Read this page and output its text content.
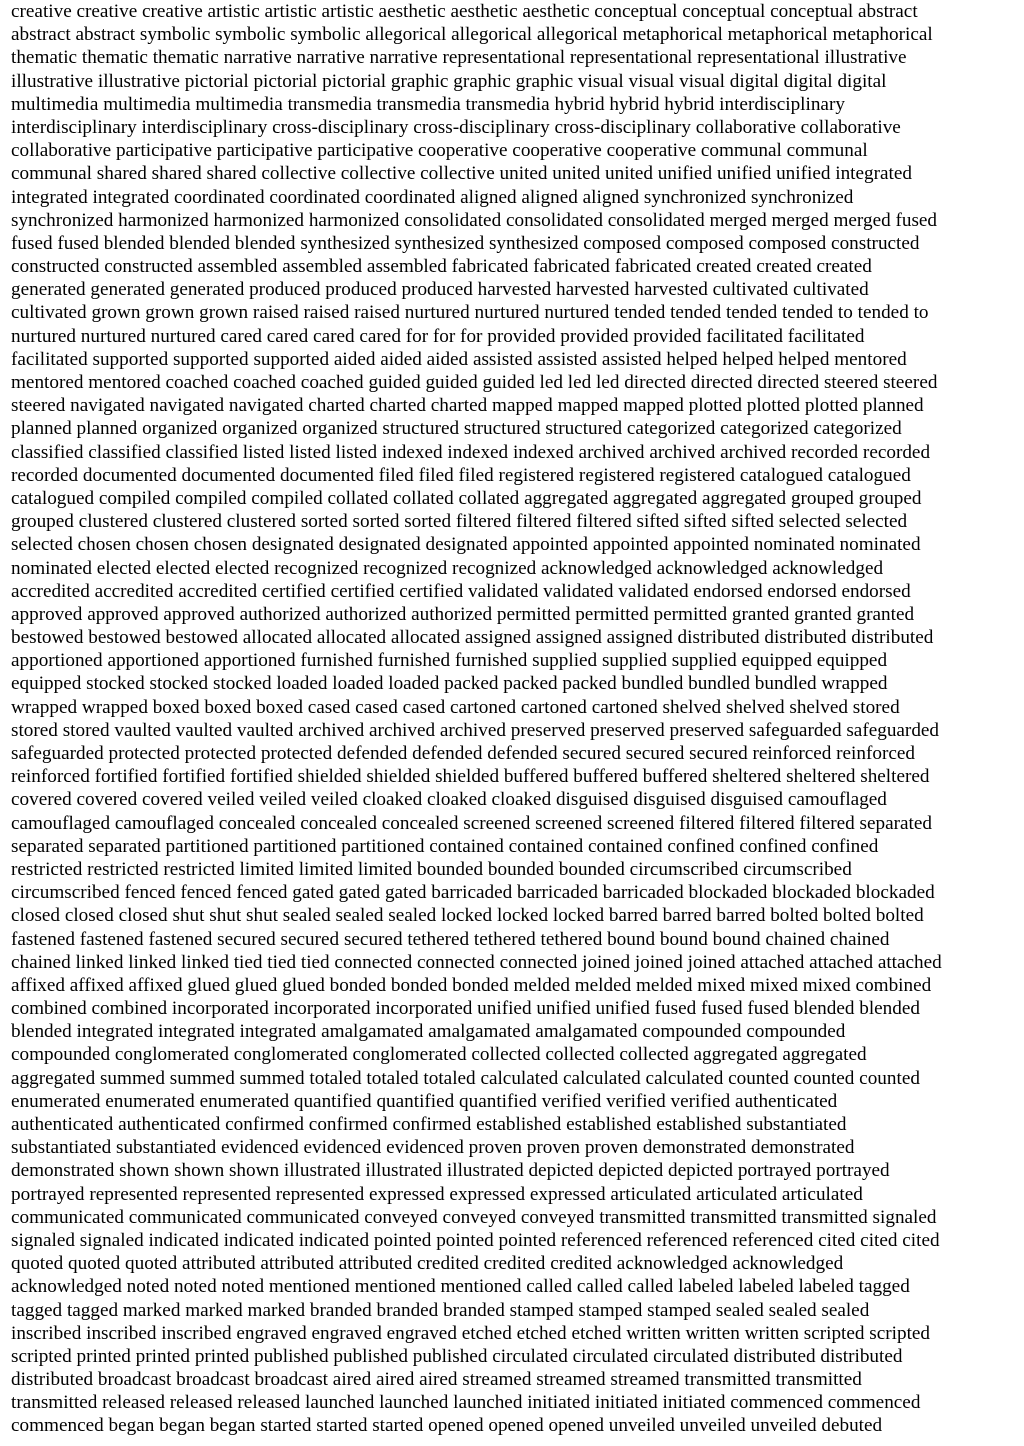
creative creative creative artistic artistic artistic aesthetic aesthetic aesthetic conceptual conceptual conceptual abstract

abstract abstract symbolic symbolic symbolic allegorical allegorical allegorical metaphorical metaphorical metaphorical

thematic thematic thematic narrative narrative narrative representational representational representational illustrative

illustrative illustrative pictorial pictorial pictorial graphic graphic graphic visual visual visual digital digital digital

multimedia multimedia multimedia transmedia transmedia transmedia hybrid hybrid hybrid interdisciplinary

interdisciplinary interdisciplinary cross-disciplinary cross-disciplinary cross-disciplinary collaborative collaborative

collaborative participative participative participative cooperative cooperative cooperative communal communal

communal shared shared shared collective collective collective united united united unified unified unified integrated

integrated integrated coordinated coordinated coordinated aligned aligned aligned synchronized synchronized

synchronized harmonized harmonized harmonized consolidated consolidated consolidated merged merged merged fused

fused fused blended blended blended synthesized synthesized synthesized composed composed composed constructed

constructed constructed assembled assembled assembled fabricated fabricated fabricated created created created

generated generated generated produced produced produced harvested harvested harvested cultivated cultivated

cultivated grown grown grown raised raised raised nurtured nurtured nurtured tended tended tended tended to tended to

nurtured nurtured nurtured cared cared cared cared for for for provided provided provided facilitated facilitated

facilitated supported supported supported aided aided aided assisted assisted assisted helped helped helped mentored

mentored mentored coached coached coached guided guided guided led led led directed directed directed steered steered

steered navigated navigated navigated charted charted charted mapped mapped mapped plotted plotted plotted planned

planned planned organized organized organized structured structured structured categorized categorized categorized

classified classified classified listed listed listed indexed indexed indexed archived archived archived recorded recorded

recorded documented documented documented filed filed filed registered registered registered catalogued catalogued

catalogued compiled compiled compiled collated collated collated aggregated aggregated aggregated grouped grouped

grouped clustered clustered clustered sorted sorted sorted filtered filtered filtered sifted sifted sifted selected selected

selected chosen chosen chosen designated designated designated appointed appointed appointed nominated nominated

nominated elected elected elected recognized recognized recognized acknowledged acknowledged acknowledged

accredited accredited accredited certified certified certified validated validated validated endorsed endorsed endorsed

approved approved approved authorized authorized authorized permitted permitted permitted granted granted granted

bestowed bestowed bestowed allocated allocated allocated assigned assigned assigned distributed distributed distributed

apportioned apportioned apportioned furnished furnished furnished supplied supplied supplied equipped equipped

equipped stocked stocked stocked loaded loaded loaded packed packed packed bundled bundled bundled wrapped

wrapped wrapped boxed boxed boxed cased cased cased cartoned cartoned cartoned shelved shelved shelved stored

stored stored vaulted vaulted vaulted archived archived archived preserved preserved preserved safeguarded safeguarded

safeguarded protected protected protected defended defended defended secured secured secured reinforced reinforced

reinforced fortified fortified fortified shielded shielded shielded buffered buffered buffered sheltered sheltered sheltered

covered covered covered veiled veiled veiled cloaked cloaked cloaked disguised disguised disguised camouflaged

camouflaged camouflaged concealed concealed concealed screened screened screened filtered filtered filtered separated

separated separated partitioned partitioned partitioned contained contained contained confined confined confined

restricted restricted restricted limited limited limited bounded bounded bounded circumscribed circumscribed

circumscribed fenced fenced fenced gated gated gated barricaded barricaded barricaded blockaded blockaded blockaded

closed closed closed shut shut shut sealed sealed sealed locked locked locked barred barred barred bolted bolted bolted

fastened fastened fastened secured secured secured tethered tethered tethered bound bound bound chained chained

chained linked linked linked tied tied tied connected connected connected joined joined joined attached attached attached

affixed affixed affixed glued glued glued bonded bonded bonded melded melded melded mixed mixed mixed combined

combined combined incorporated incorporated incorporated unified unified unified fused fused fused blended blended

blended integrated integrated integrated amalgamated amalgamated amalgamated compounded compounded

compounded conglomerated conglomerated conglomerated collected collected collected aggregated aggregated

aggregated summed summed summed totaled totaled totaled calculated calculated calculated counted counted counted

enumerated enumerated enumerated quantified quantified quantified verified verified verified authenticated

authenticated authenticated confirmed confirmed confirmed established established established substantiated

substantiated substantiated evidenced evidenced evidenced proven proven proven demonstrated demonstrated

demonstrated shown shown shown illustrated illustrated illustrated depicted depicted depicted portrayed portrayed

portrayed represented represented represented expressed expressed expressed articulated articulated articulated

communicated communicated communicated conveyed conveyed conveyed transmitted transmitted transmitted signaled

signaled signaled indicated indicated indicated pointed pointed pointed referenced referenced referenced cited cited cited

quoted quoted quoted attributed attributed attributed credited credited credited acknowledged acknowledged

acknowledged noted noted noted mentioned mentioned mentioned called called called labeled labeled labeled tagged

tagged tagged marked marked marked branded branded branded stamped stamped stamped sealed sealed sealed

inscribed inscribed inscribed engraved engraved engraved etched etched etched written written written scripted scripted

scripted printed printed printed published published published circulated circulated circulated distributed distributed

distributed broadcast broadcast broadcast aired aired aired streamed streamed streamed transmitted transmitted

transmitted released released released launched launched launched initiated initiated initiated commenced commenced

commenced began began began started started started opened opened opened unveiled unveiled unveiled debuted
